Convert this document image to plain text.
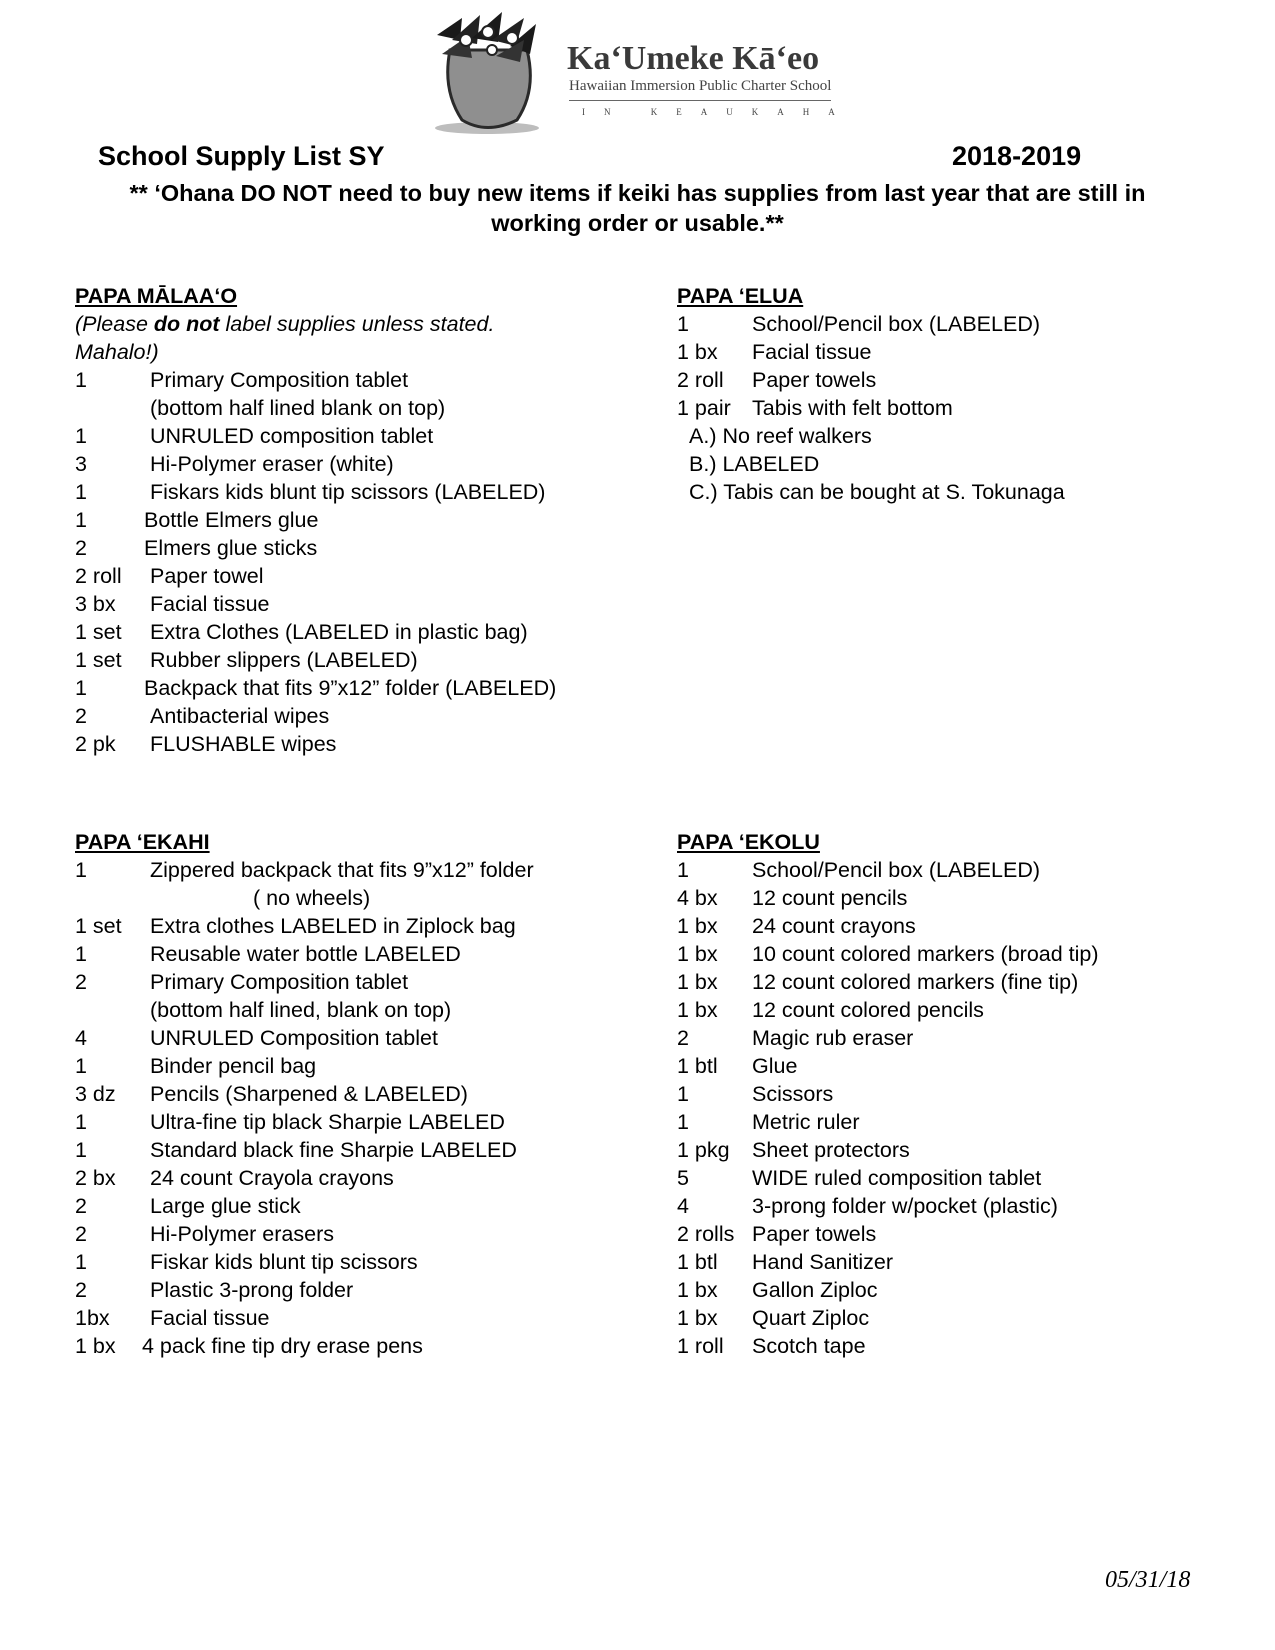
Ka‘Umeke Kā‘eo
Hawaiian Immersion Public Charter School
IN KEAUKAHA
School Supply List SY	2018-2019
** ‘Ohana DO NOT need to buy new items if keiki has supplies from last year that are still in
working order or usable.**
PAPA MĀLAA‘O
(Please do not label supplies unless stated.
Mahalo!)
1	Primary Composition tablet
(bottom half lined blank on top)
1	UNRULED composition tablet
3	Hi-Polymer eraser (white)
1	Fiskars kids blunt tip scissors (LABELED)
1	Bottle Elmers glue
2	Elmers glue sticks
2 roll	Paper towel
3 bx	Facial tissue
1 set	Extra Clothes (LABELED in plastic bag)
1 set	Rubber slippers (LABELED)
1	Backpack that fits 9”x12” folder (LABELED)
2	Antibacterial wipes
2 pk	FLUSHABLE wipes
PAPA ‘ELUA
1	School/Pencil box (LABELED)
1 bx	Facial tissue
2 roll	Paper towels
1 pair Tabis with felt bottom
A.) No reef walkers
B.) LABELED
C.) Tabis can be bought at S. Tokunaga
PAPA ‘EKAHI
1	Zippered backpack that fits 9”x12” folder
( no wheels)
1 set	Extra clothes LABELED in Ziplock bag
1	Reusable water bottle LABELED
2	Primary Composition tablet
(bottom half lined, blank on top)
4	UNRULED Composition tablet
1	Binder pencil bag
3 dz	Pencils (Sharpened & LABELED)
1	Ultra-fine tip black Sharpie LABELED
1	Standard black fine Sharpie LABELED
2 bx	24 count Crayola crayons
2	Large glue stick
2	Hi-Polymer erasers
1	Fiskar kids blunt tip scissors
2	Plastic 3-prong folder
1bx	Facial tissue
1 bx	4 pack fine tip dry erase pens
PAPA ‘EKOLU
1	School/Pencil box (LABELED)
4 bx	12 count pencils
1 bx	24 count crayons
1 bx	10 count colored markers (broad tip)
1 bx	12 count colored markers (fine tip)
1 bx	12 count colored pencils
2	Magic rub eraser
1 btl	Glue
1	Scissors
1	Metric ruler
1 pkg	Sheet protectors
5	WIDE ruled composition tablet
4	3-prong folder w/pocket (plastic)
2 rolls Paper towels
1 btl	Hand Sanitizer
1 bx	Gallon Ziploc
1 bx	Quart Ziploc
1 roll	Scotch tape
05/31/18
